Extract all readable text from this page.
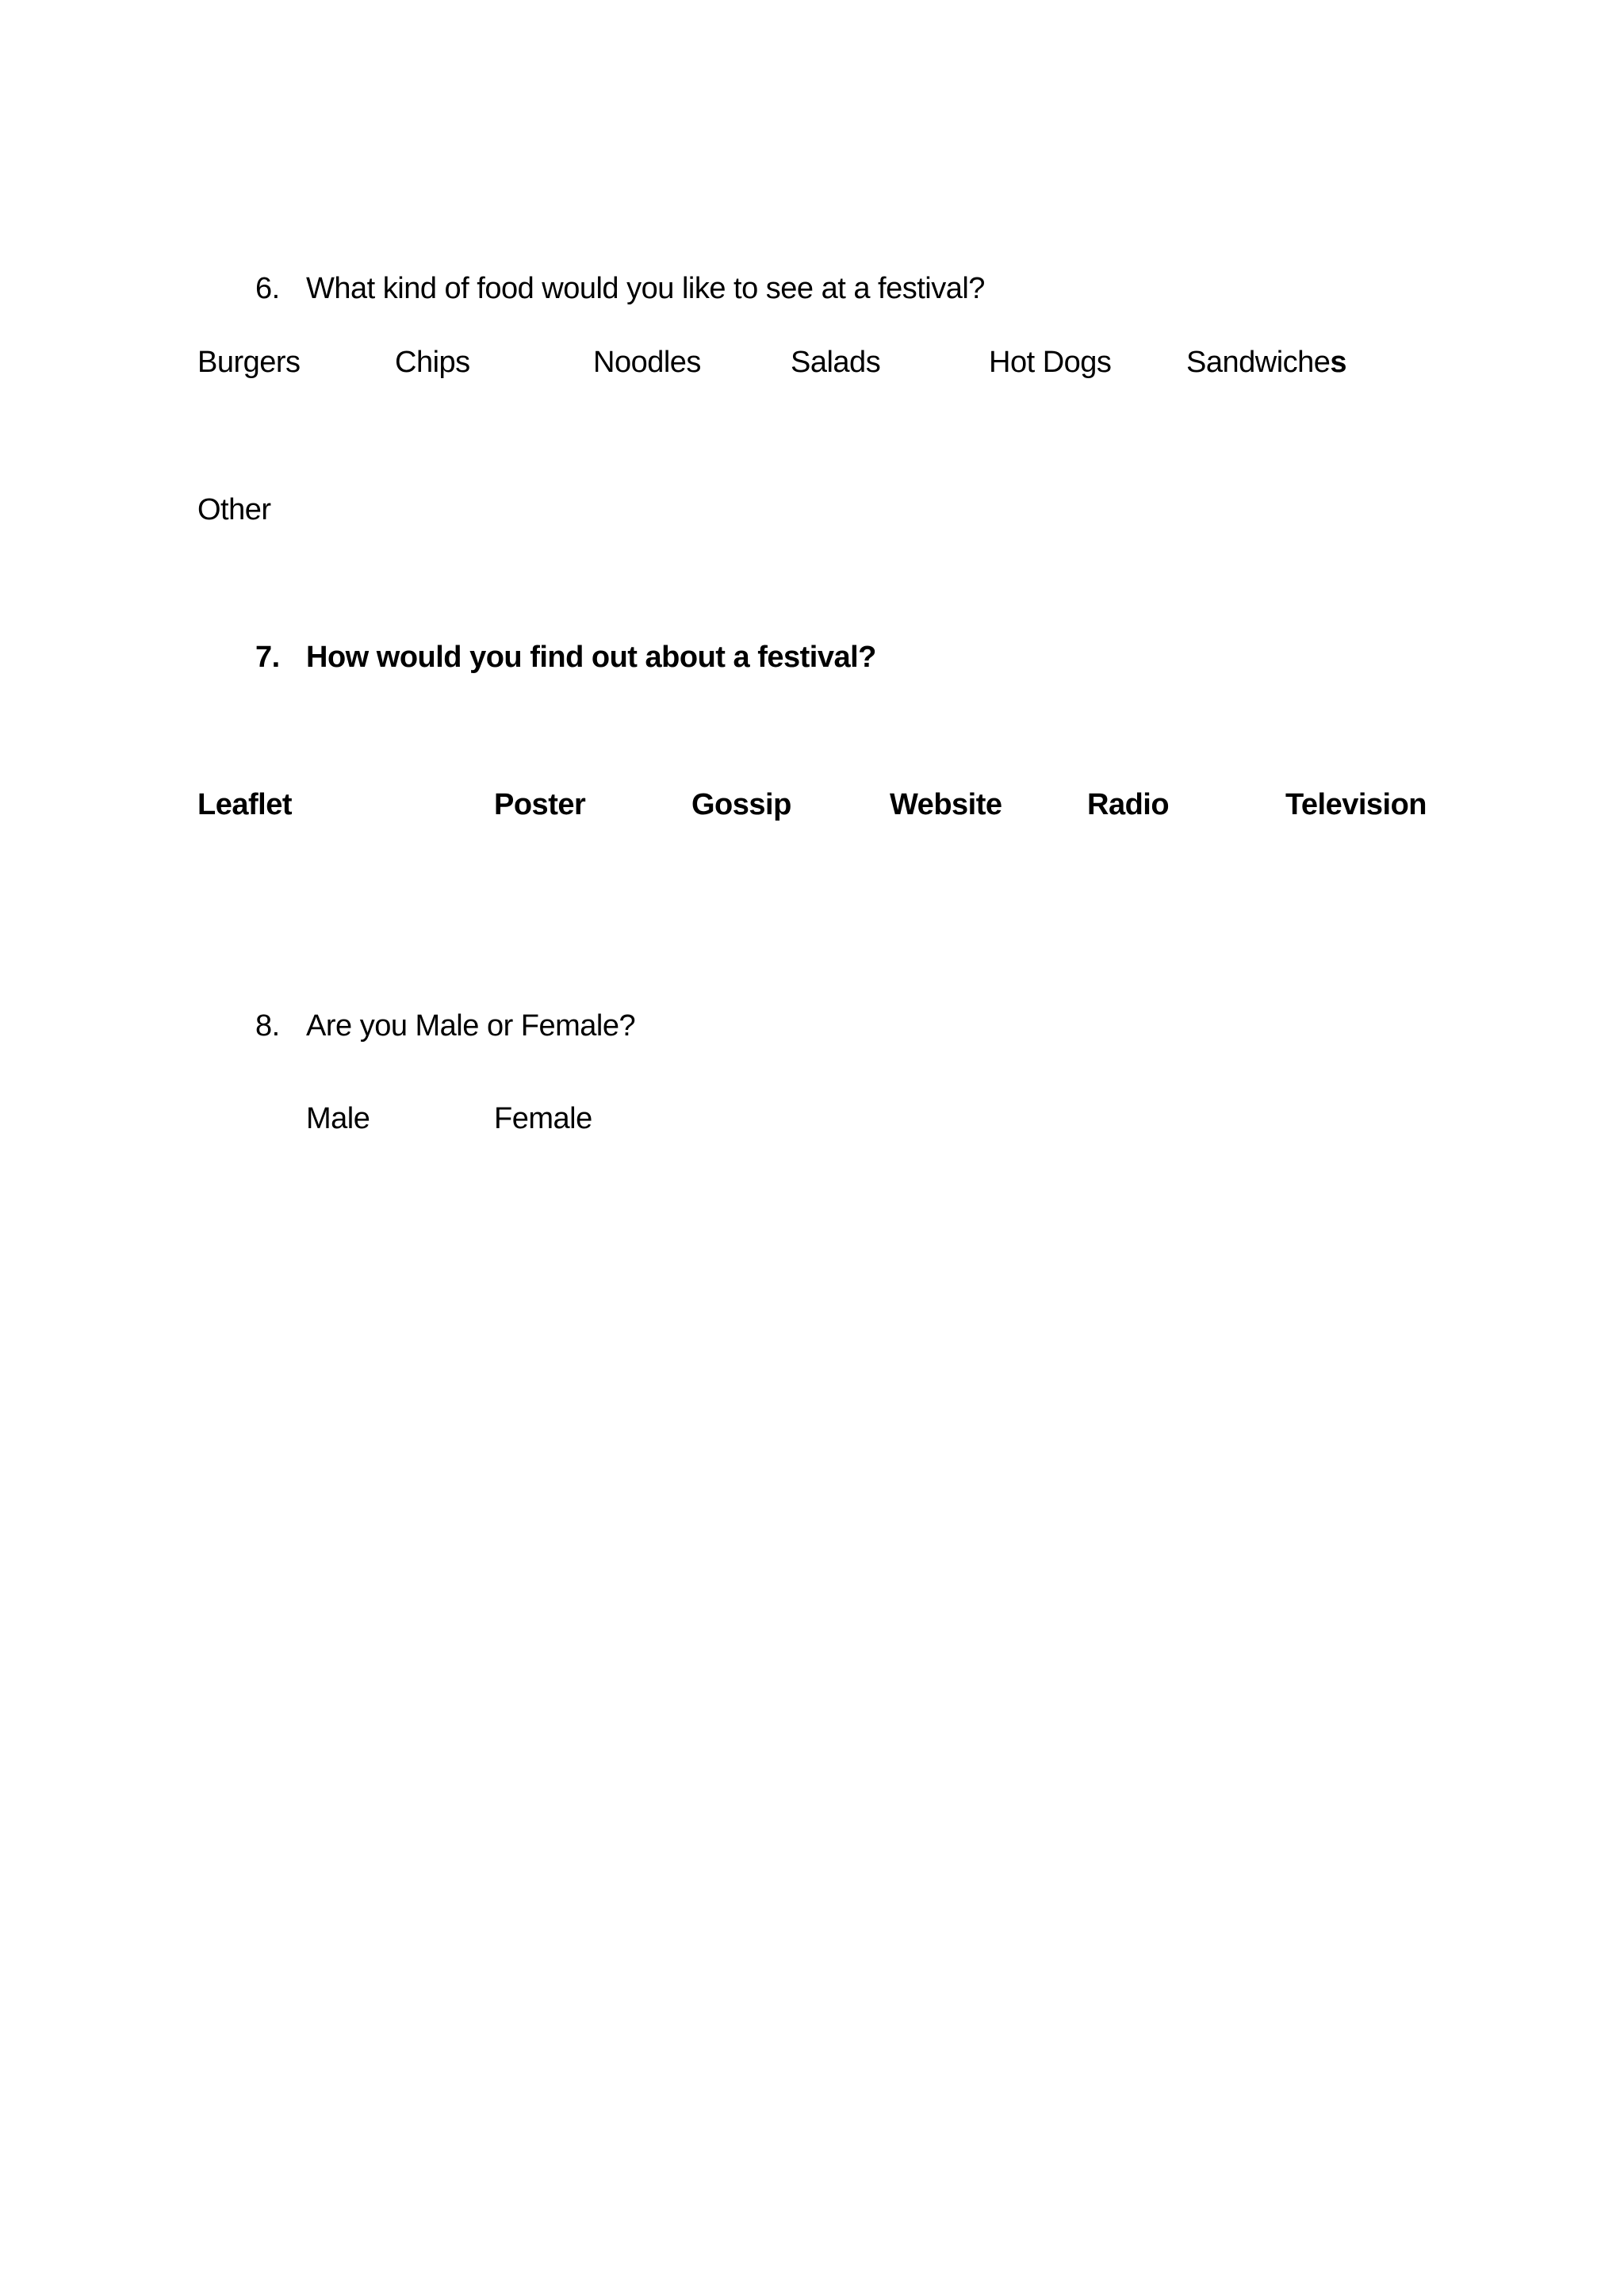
6. What kind of food would you like to see at a festival?
Burgers	Chips	Noodles	Salads	Hot Dogs Sandwiches
Other
7. How would you find out about a festival?
Leaflet	Poster	Gossip	Website	Radio	Television
8. Are you Male or Female?
Male	Female
